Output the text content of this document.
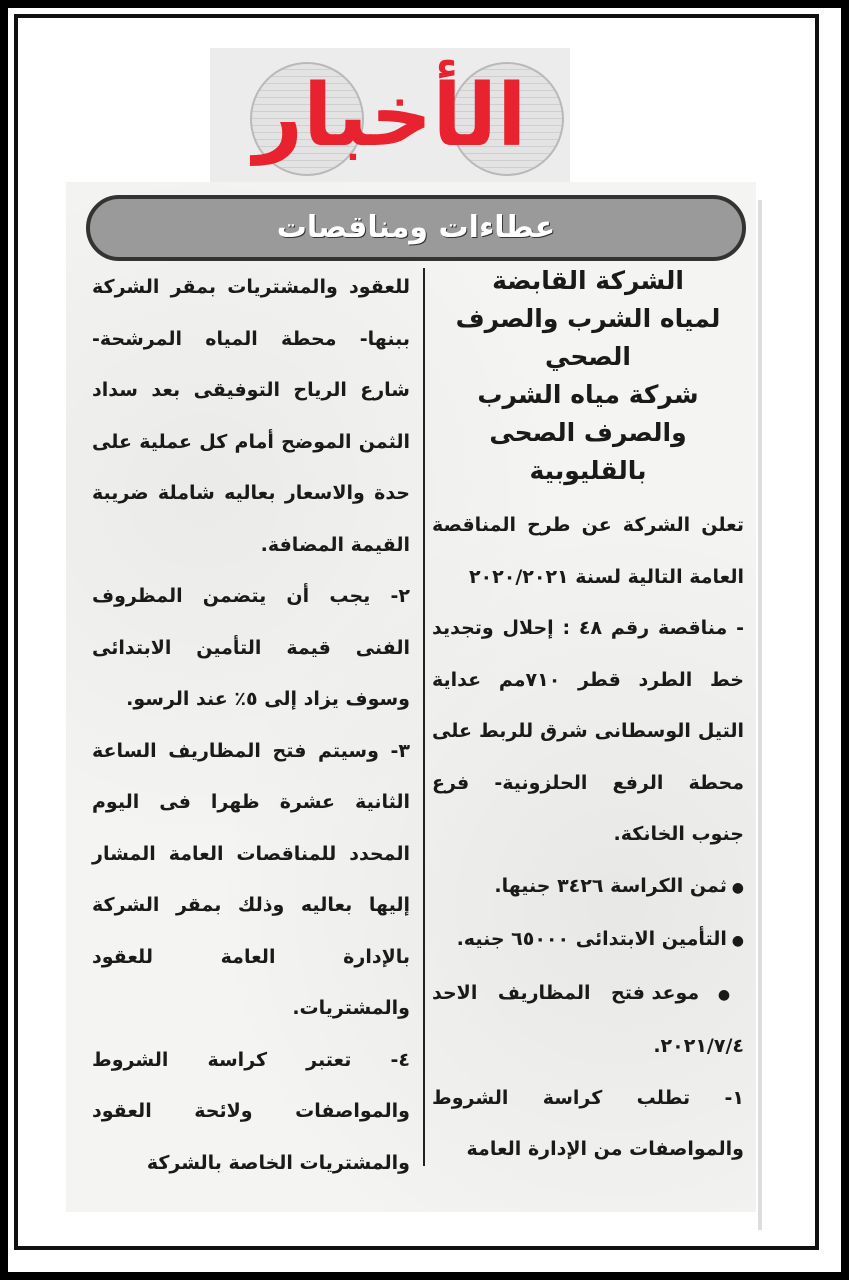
الأخبار
عطاءات ومناقصات
الشركة القابضة
لمياه الشرب والصرف الصحي
شركة مياه الشرب
والصرف الصحى
بالقليوبية
تعلن الشركة عن طرح المناقصة العامة التالية لسنة ٢٠٢٠/٢٠٢١
- مناقصة رقم ٤٨ : إحلال وتجديد خط الطرد قطر ٧١٠مم عداية التيل الوسطانى شرق للربط على محطة الرفع الحلزونية- فرع جنوب الخانكة.
● ثمن الكراسة ٣٤٢٦ جنيها.
● التأمين الابتدائى ٦٥٠٠٠ جنيه.
● موعد فتح المظاريف الاحد ٢٠٢١/٧/٤.
١- تطلب كراسة الشروط والمواصفات من الإدارة العامة
للعقود والمشتريات بمقر الشركة ببنها- محطة المياه المرشحة- شارع الرياح التوفيقى بعد سداد الثمن الموضح أمام كل عملية على حدة والاسعار بعاليه شاملة ضريبة القيمة المضافة.
٢- يجب أن يتضمن المظروف الفنى قيمة التأمين الابتدائى وسوف يزاد إلى ٥٪ عند الرسو.
٣- وسيتم فتح المظاريف الساعة الثانية عشرة ظهرا فى اليوم المحدد للمناقصات العامة المشار إليها بعاليه وذلك بمقر الشركة بالإدارة العامة للعقود والمشتريات.
٤- تعتبر كراسة الشروط والمواصفات ولائحة العقود والمشتريات الخاصة بالشركة
